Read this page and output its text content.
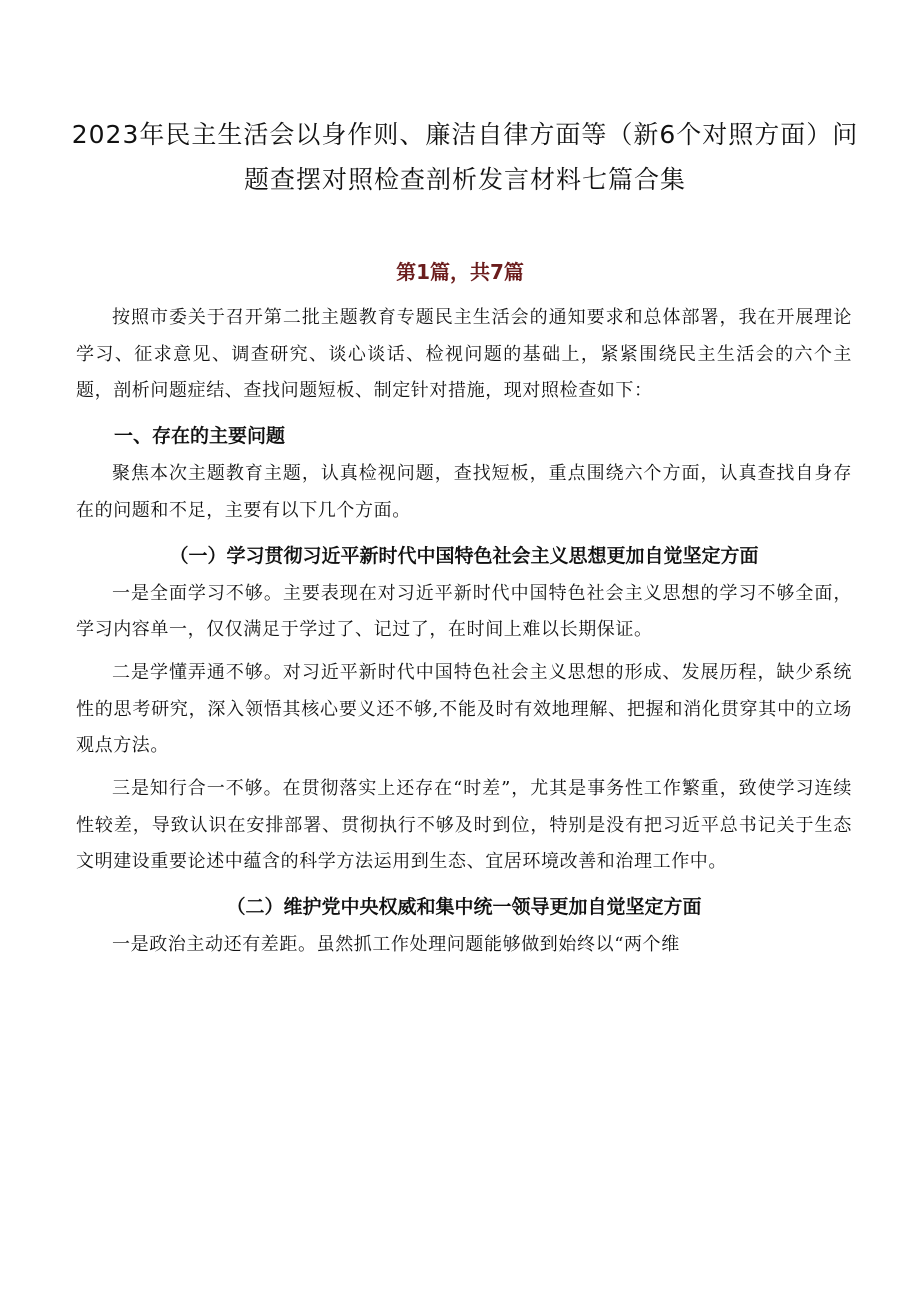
2023年民主生活会以身作则、廉洁自律方面等（新6个对照方面）问题查摆对照检查剖析发言材料七篇合集
第1篇，共7篇

按照市委关于召开第二批主题教育专题民主生活会的通知要求和总体部署，我在开展理论学习、征求意见、调查研究、谈心谈话、检视问题的基础上，紧紧围绕民主生活会的六个主题，剖析问题症结、查找问题短板、制定针对措施，现对照检查如下：

一、存在的主要问题

聚焦本次主题教育主题，认真检视问题，查找短板，重点围绕六个方面，认真查找自身存在的问题和不足，主要有以下几个方面。

（一）学习贯彻习近平新时代中国特色社会主义思想更加自觉坚定方面

一是全面学习不够。主要表现在对习近平新时代中国特色社会主义思想的学习不够全面，学习内容单一，仅仅满足于学过了、记过了，在时间上难以长期保证。

二是学懂弄通不够。对习近平新时代中国特色社会主义思想的形成、发展历程，缺少系统性的思考研究，深入领悟其核心要义还不够,不能及时有效地理解、把握和消化贯穿其中的立场观点方法。

三是知行合一不够。在贯彻落实上还存在“时差”，尤其是事务性工作繁重，致使学习连续性较差，导致认识在安排部署、贯彻执行不够及时到位，特别是没有把习近平总书记关于生态文明建设重要论述中蕴含的科学方法运用到生态、宜居环境改善和治理工作中。

（二）维护党中央权威和集中统一领导更加自觉坚定方面

一是政治主动还有差距。虽然抓工作处理问题能够做到始终以“两个维
